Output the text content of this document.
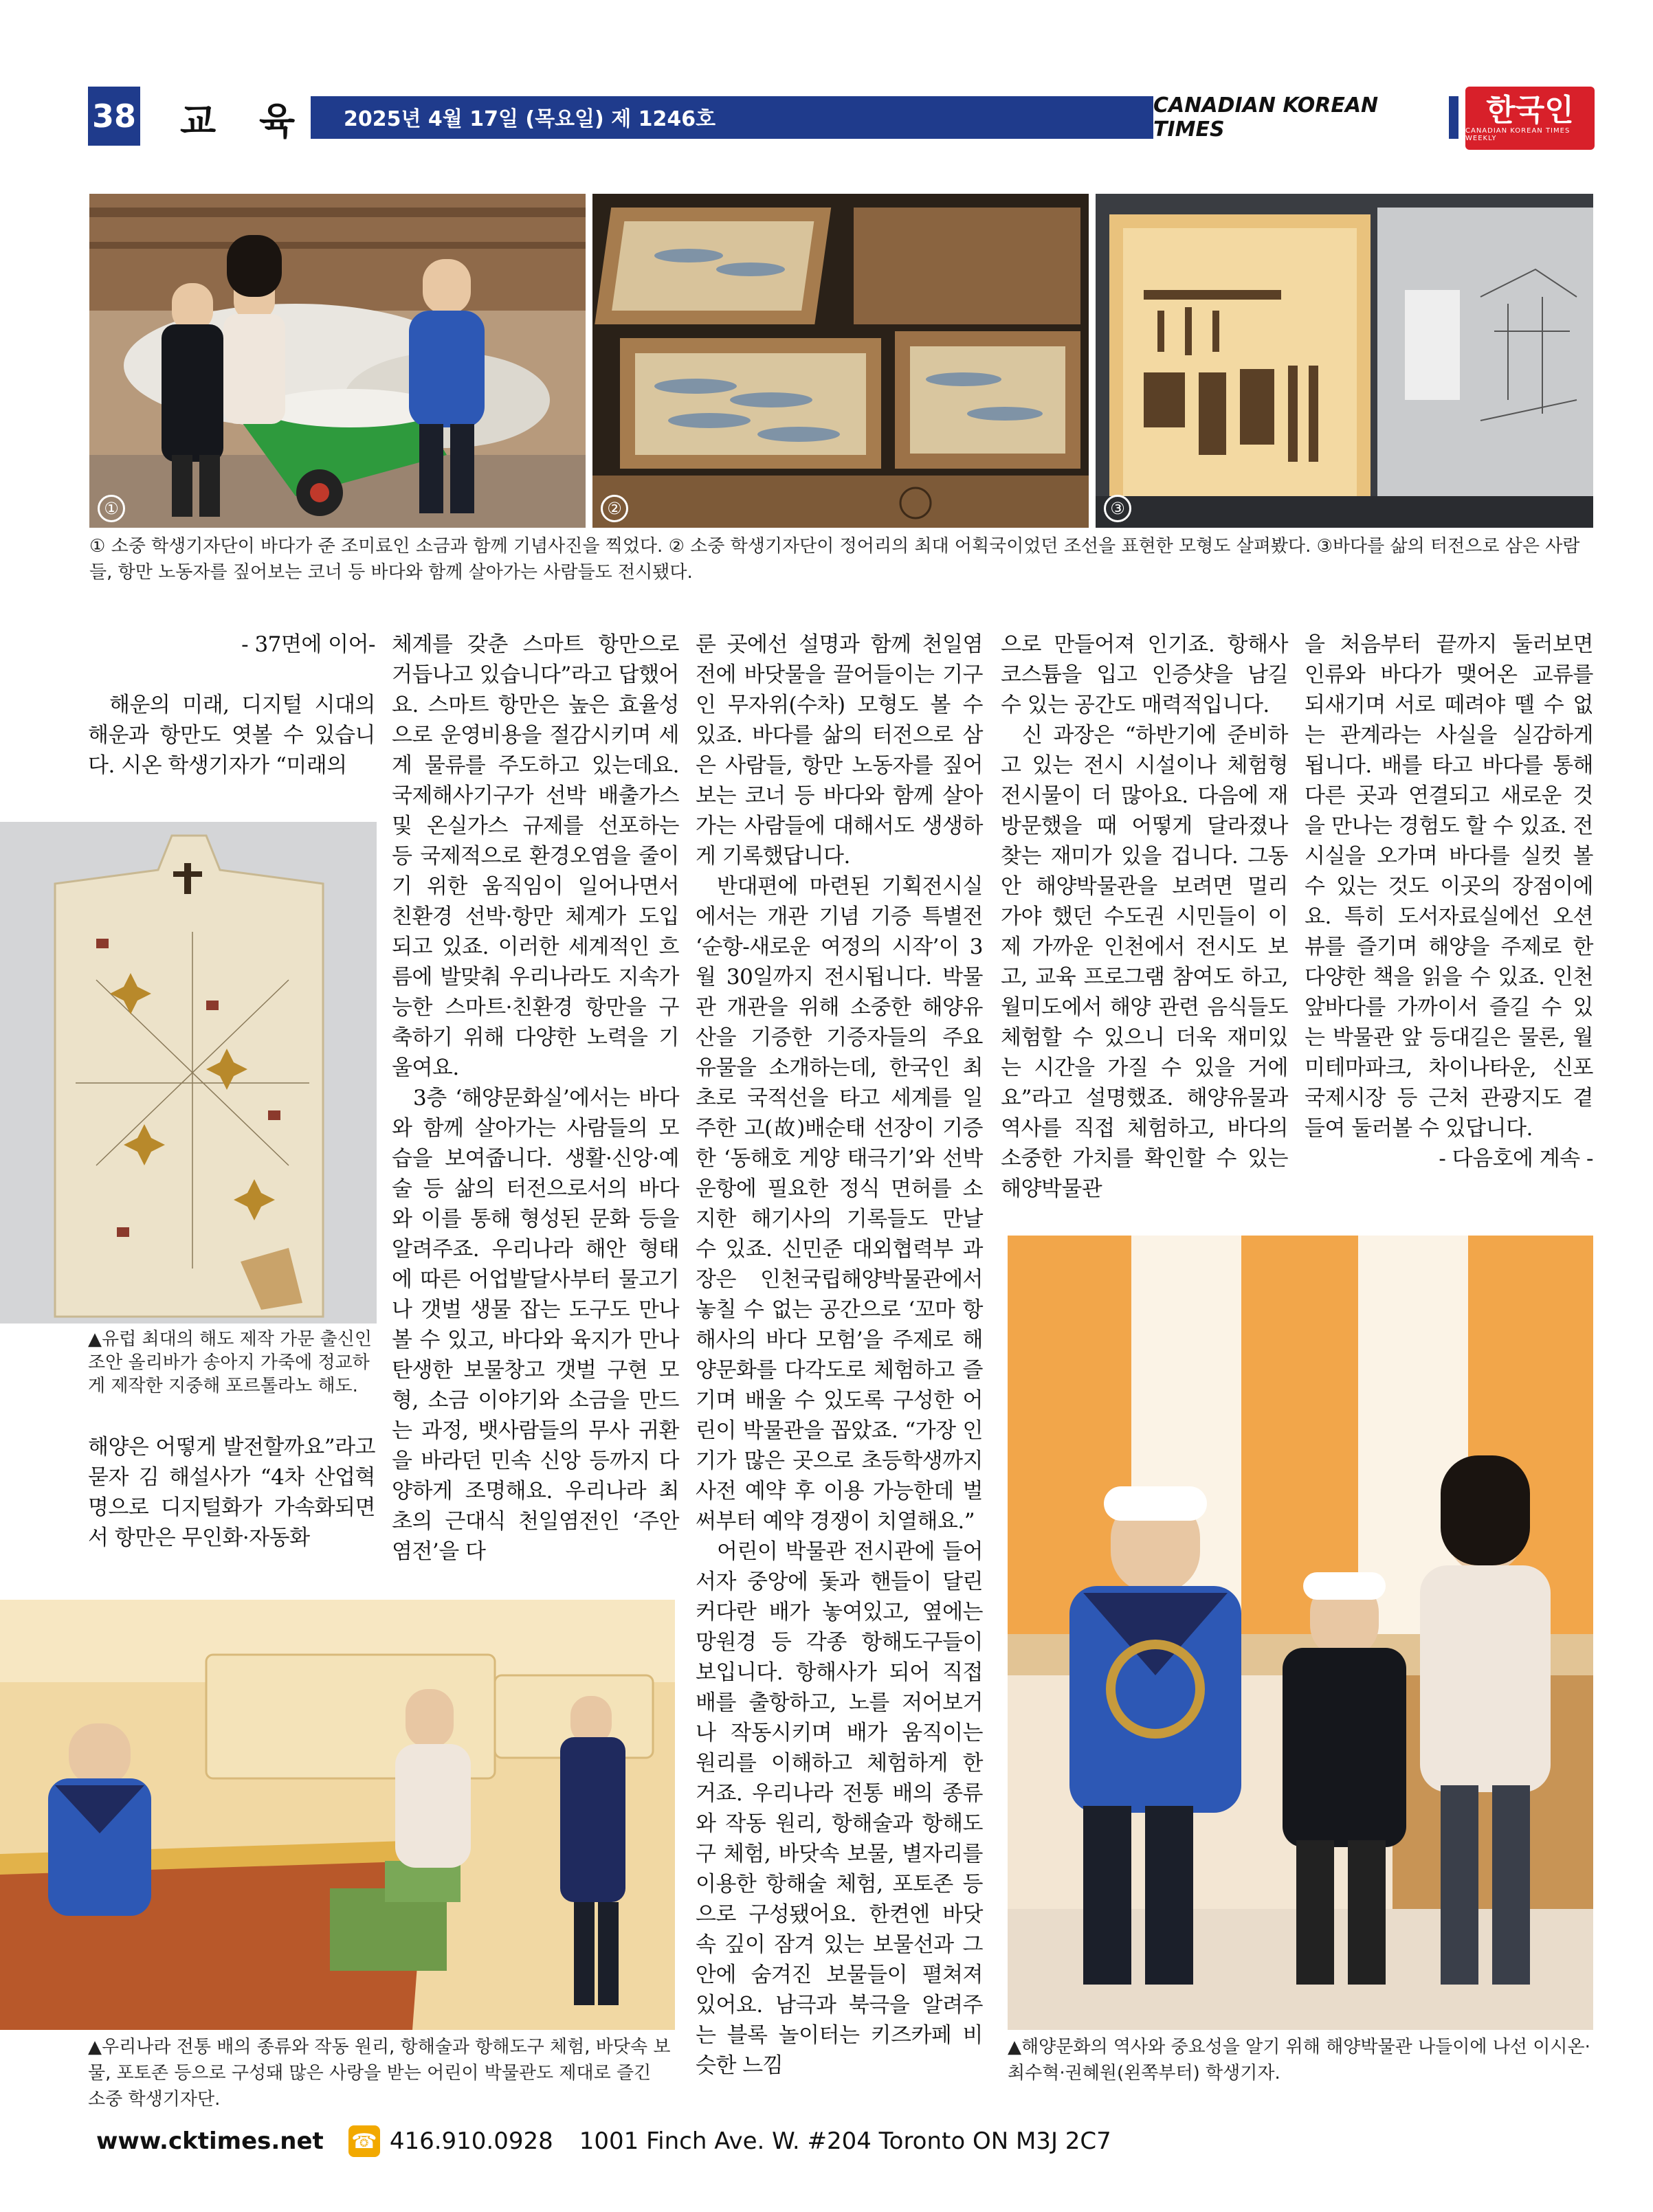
38 교 육 2025년 4월 17일 (목요일) 제 1246호
CANADIAN KOREAN TIMES
한국인
CANADIAN KOREAN TIMES WEEKLY
①	②	③
① 소중 학생기자단이 바다가 준 조미료인 소금과 함께 기념사진을 찍었다. ② 소중 학생기자단이 정어리의 최대 어획국이었던 조선을 표현한 모형도 살펴봤다. ③바다를 삶의 터전으로 삼은 사람들, 항만 노동자를 짚어보는 코너 등 바다와 함께 살아가는 사람들도 전시됐다.
▲유럽 최대의 해도 제작 가문 출신인 조안 올리바가 송아지 가죽에 정교하게 제작한 지중해 포르톨라노 해도.
▲우리나라 전통 배의 종류와 작동 원리, 항해술과 항해도구 체험, 바닷속 보물, 포토존 등으로 구성돼 많은 사랑을 받는 어린이 박물관도 제대로 즐긴 소중 학생기자단.
▲해양문화의 역사와 중요성을 알기 위해 해양박물관 나들이에 나선 이시온·최수혁·권혜원(왼쪽부터) 학생기자.

- 37면에 이어-

해운의 미래, 디지털 시대의 해운과 항만도 엿볼 수 있습니다. 시온 학생기자가 “미래의

해양은 어떻게 발전할까요”라고 묻자 김 해설사가 “4차 산업혁명으로 디지털화가 가속화되면서 항만은 무인화·자동화

체계를 갖춘 스마트 항만으로 거듭나고 있습니다”라고 답했어요. 스마트 항만은 높은 효율성으로 운영비용을 절감시키며 세계 물류를 주도하고 있는데요. 국제해사기구가 선박 배출가스 및 온실가스 규제를 선포하는 등 국제적으로 환경오염을 줄이기 위한 움직임이 일어나면서 친환경 선박·항만 체계가 도입되고 있죠. 이러한 세계적인 흐름에 발맞춰 우리나라도 지속가능한 스마트·친환경 항만을 구축하기 위해 다양한 노력을 기울여요.

3층 ‘해양문화실’에서는 바다와 함께 살아가는 사람들의 모습을 보여줍니다. 생활·신앙·예술 등 삶의 터전으로서의 바다와 이를 통해 형성된 문화 등을 알려주죠. 우리나라 해안 형태에 따른 어업발달사부터 물고기나 갯벌 생물 잡는 도구도 만나볼 수 있고, 바다와 육지가 만나 탄생한 보물창고 갯벌 구현 모형, 소금 이야기와 소금을 만드는 과정, 뱃사람들의 무사 귀환을 바라던 민속 신앙 등까지 다양하게 조명해요. 우리나라 최초의 근대식 천일염전인 ‘주안염전’을 다

룬 곳에선 설명과 함께 천일염전에 바닷물을 끌어들이는 기구인 무자위(수차) 모형도 볼 수 있죠. 바다를 삶의 터전으로 삼은 사람들, 항만 노동자를 짚어보는 코너 등 바다와 함께 살아가는 사람들에 대해서도 생생하게 기록했답니다.

반대편에 마련된 기획전시실에서는 개관 기념 기증 특별전 ‘순항-새로운 여정의 시작’이 3월 30일까지 전시됩니다. 박물관 개관을 위해 소중한 해양유산을 기증한 기증자들의 주요 유물을 소개하는데, 한국인 최초로 국적선을 타고 세계를 일주한 고(故)배순태 선장이 기증한 ‘동해호 게양 태극기’와 선박 운항에 필요한 정식 면허를 소지한 해기사의 기록들도 만날 수 있죠. 신민준 대외협력부 과장은 인천국립해양박물관에서 놓칠 수 없는 공간으로 ‘꼬마 항해사의 바다 모험’을 주제로 해양문화를 다각도로 체험하고 즐기며 배울 수 있도록 구성한 어린이 박물관을 꼽았죠. “가장 인기가 많은 곳으로 초등학생까지 사전 예약 후 이용 가능한데 벌써부터 예약 경쟁이 치열해요.”

어린이 박물관 전시관에 들어서자 중앙에 돛과 핸들이 달린 커다란 배가 놓여있고, 옆에는 망원경 등 각종 항해도구들이 보입니다. 항해사가 되어 직접 배를 출항하고, 노를 저어보거나 작동시키며 배가 움직이는 원리를 이해하고 체험하게 한 거죠. 우리나라 전통 배의 종류와 작동 원리, 항해술과 항해도구 체험, 바닷속 보물, 별자리를 이용한 항해술 체험, 포토존 등으로 구성됐어요. 한켠엔 바닷속 깊이 잠겨 있는 보물선과 그 안에 숨겨진 보물들이 펼쳐져 있어요. 남극과 북극을 알려주는 블록 놀이터는 키즈카페 비슷한 느낌

으로 만들어져 인기죠. 항해사 코스튬을 입고 인증샷을 남길 수 있는 공간도 매력적입니다.

신 과장은 “하반기에 준비하고 있는 전시 시설이나 체험형 전시물이 더 많아요. 다음에 재방문했을 때 어떻게 달라졌나 찾는 재미가 있을 겁니다. 그동안 해양박물관을 보려면 멀리 가야 했던 수도권 시민들이 이제 가까운 인천에서 전시도 보고, 교육 프로그램 참여도 하고, 월미도에서 해양 관련 음식들도 체험할 수 있으니 더욱 재미있는 시간을 가질 수 있을 거에요”라고 설명했죠. 해양유물과 역사를 직접 체험하고, 바다의 소중한 가치를 확인할 수 있는 해양박물관

을 처음부터 끝까지 둘러보면 인류와 바다가 맺어온 교류를 되새기며 서로 떼려야 뗄 수 없는 관계라는 사실을 실감하게 됩니다. 배를 타고 바다를 통해 다른 곳과 연결되고 새로운 것을 만나는 경험도 할 수 있죠. 전시실을 오가며 바다를 실컷 볼 수 있는 것도 이곳의 장점이에요. 특히 도서자료실에선 오션뷰를 즐기며 해양을 주제로 한 다양한 책을 읽을 수 있죠. 인천 앞바다를 가까이서 즐길 수 있는 박물관 앞 등대길은 물론, 월미테마파크, 차이나타운, 신포국제시장 등 근처 관광지도 곁들여 둘러볼 수 있답니다.

- 다음호에 계속 -

www.cktimes.net ☎ 416.910.0928 1001 Finch Ave. W. #204 Toronto ON M3J 2C7
